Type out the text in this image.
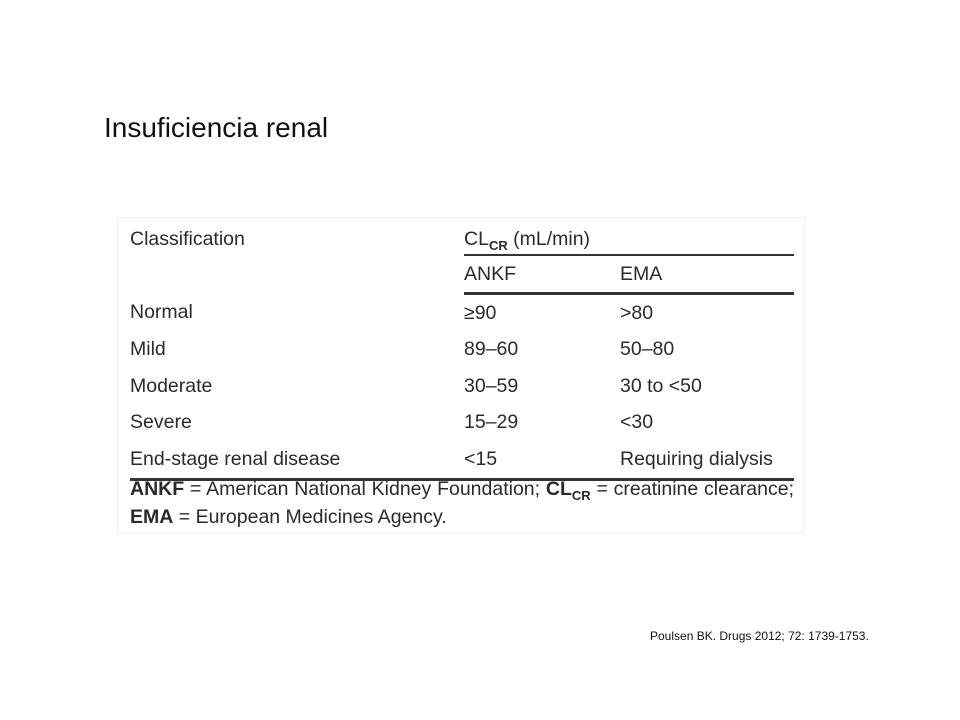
Insuficiencia renal
Classification	$CL_{CR}$ (mL/min)	
	ANKF	EMA
Normal	≥90	>80
Mild	89–60	50–80
Moderate	30–59	30 to <50
Severe	15–29	<30
End-stage renal disease	<15	Requiring dialysis
ANKF = American National Kidney Foundation; $CL_{CR}$ = creatinine clearance; EMA = European Medicines Agency.
Poulsen BK. Drugs 2012; 72: 1739-1753.
